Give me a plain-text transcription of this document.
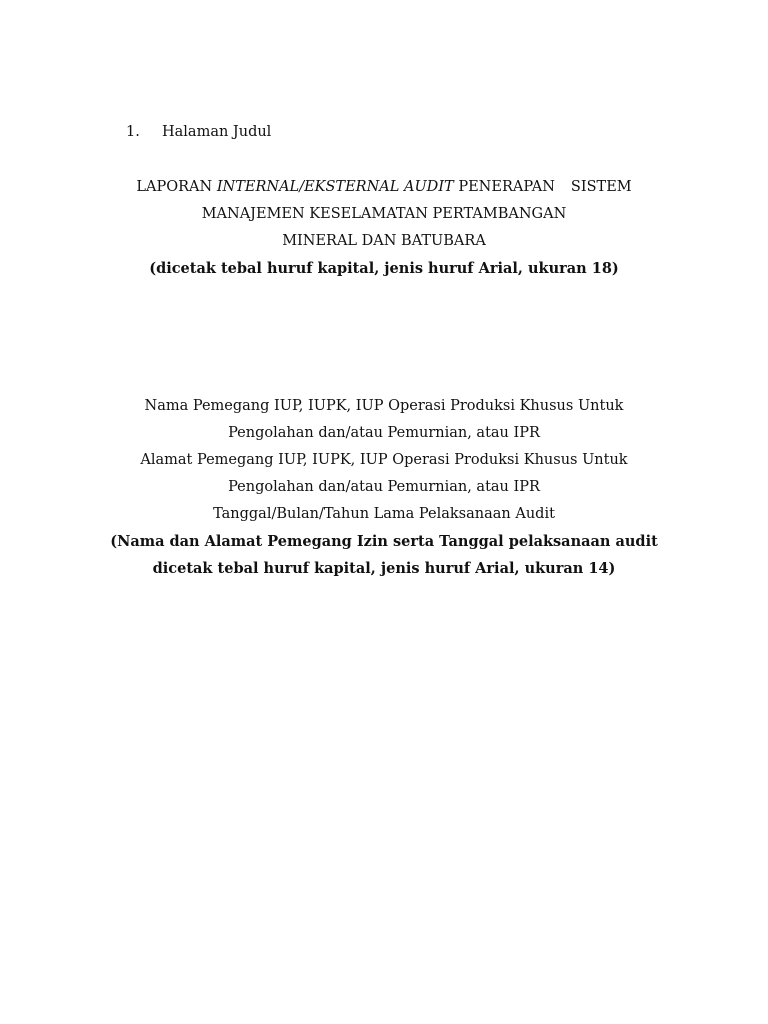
1.	Halaman Judul
LAPORAN INTERNAL/EKSTERNAL AUDIT PENERAPAN SISTEM
MANAJEMEN KESELAMATAN PERTAMBANGAN
MINERAL DAN BATUBARA
(dicetak tebal huruf kapital, jenis huruf Arial, ukuran 18)
Nama Pemegang IUP, IUPK, IUP Operasi Produksi Khusus Untuk
Pengolahan dan/atau Pemurnian, atau IPR
Alamat Pemegang IUP, IUPK, IUP Operasi Produksi Khusus Untuk
Pengolahan dan/atau Pemurnian, atau IPR
Tanggal/Bulan/Tahun Lama Pelaksanaan Audit
(Nama dan Alamat Pemegang Izin serta Tanggal pelaksanaan audit
dicetak tebal huruf kapital, jenis huruf Arial, ukuran 14)
